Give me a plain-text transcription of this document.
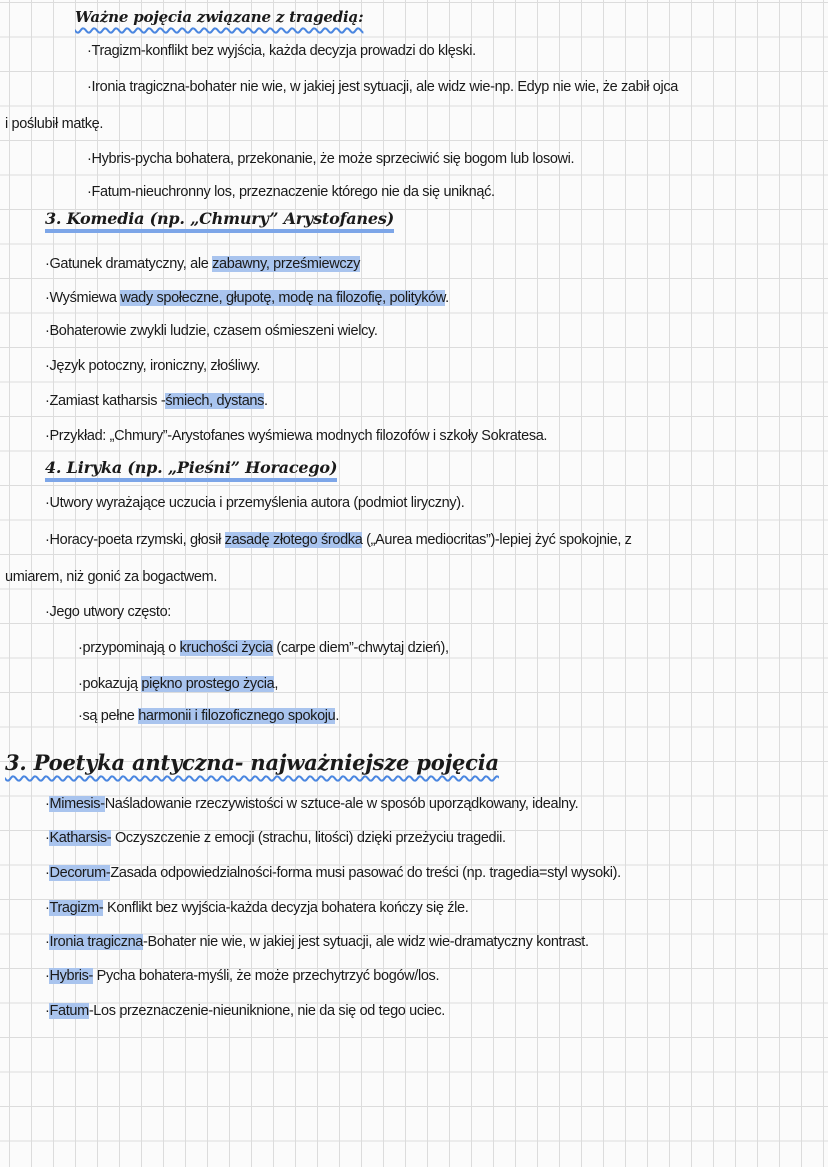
Ważne pojęcia związane z tragedią:
·Tragizm-konflikt bez wyjścia, każda decyzja prowadzi do klęski.
·Ironia tragiczna-bohater nie wie, w jakiej jest sytuacji, ale widz wie-np. Edyp nie wie, że zabił ojca
i poślubił matkę.
·Hybris-pycha bohatera, przekonanie, że może sprzeciwić się bogom lub losowi.
·Fatum-nieuchronny los, przeznaczenie którego nie da się uniknąć.
3. Komedia (np. „Chmury” Arystofanes)
·Gatunek dramatyczny, ale zabawny, prześmiewczy
·Wyśmiewa wady społeczne, głupotę, modę na filozofię, polityków.
·Bohaterowie zwykli ludzie, czasem ośmieszeni wielcy.
·Język potoczny, ironiczny, złośliwy.
·Zamiast katharsis -śmiech, dystans.
·Przykład: „Chmury”-Arystofanes wyśmiewa modnych filozofów i szkoły Sokratesa.
4. Liryka (np. „Pieśni” Horacego)
·Utwory wyrażające uczucia i przemyślenia autora (podmiot liryczny).
·Horacy-poeta rzymski, głosił zasadę złotego środka („Aurea mediocritas”)-lepiej żyć spokojnie, z
umiarem, niż gonić za bogactwem.
·Jego utwory często:
·przypominają o kruchości życia (carpe diem”-chwytaj dzień),
·pokazują piękno prostego życia,
·są pełne harmonii i filozoficznego spokoju.
3. Poetyka antyczna- najważniejsze pojęcia
·Mimesis-Naśladowanie rzeczywistości w sztuce-ale w sposób uporządkowany, idealny.
·Katharsis- Oczyszczenie z emocji (strachu, litości) dzięki przeżyciu tragedii.
·Decorum-Zasada odpowiedzialności-forma musi pasować do treści (np. tragedia=styl wysoki).
·Tragizm- Konflikt bez wyjścia-każda decyzja bohatera kończy się źle.
·Ironia tragiczna-Bohater nie wie, w jakiej jest sytuacji, ale widz wie-dramatyczny kontrast.
·Hybris- Pycha bohatera-myśli, że może przechytrzyć bogów/los.
·Fatum-Los przeznaczenie-nieuniknione, nie da się od tego uciec.
